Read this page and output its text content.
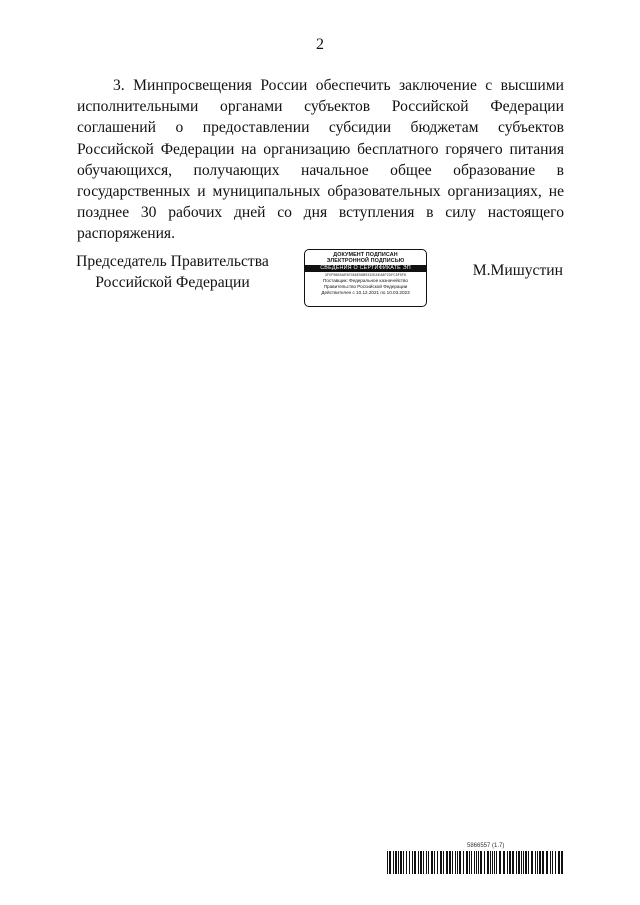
2

3. Минпросвещения России обеспечить заключение с высшими исполнительными органами субъектов Российской Федерации соглашений о предоставлении субсидии бюджетам субъектов Российской Федерации на организацию бесплатного горячего питания обучающихся, получающих начальное общее образование в государственных и муниципальных образовательных организациях, не позднее 30 рабочих дней со дня вступления в силу настоящего распоряжения.

Председатель Правительства
Российской Федерации
ДОКУМЕНТ ПОДПИСАН
ЭЛЕКТРОННОЙ ПОДПИСЬЮ
СВЕДЕНИЯ О СЕРТИФИКАТЕ ЭП
3F0F9BB9AE9E356E58B9332EAEA8F2DFC5F5F8
Поставщик: Федеральное казначейство
Правительство Российской Федерации
Действителен с 10.12.2021 по 10.03.2023
М.Мишустин
5866557 (1.7)
